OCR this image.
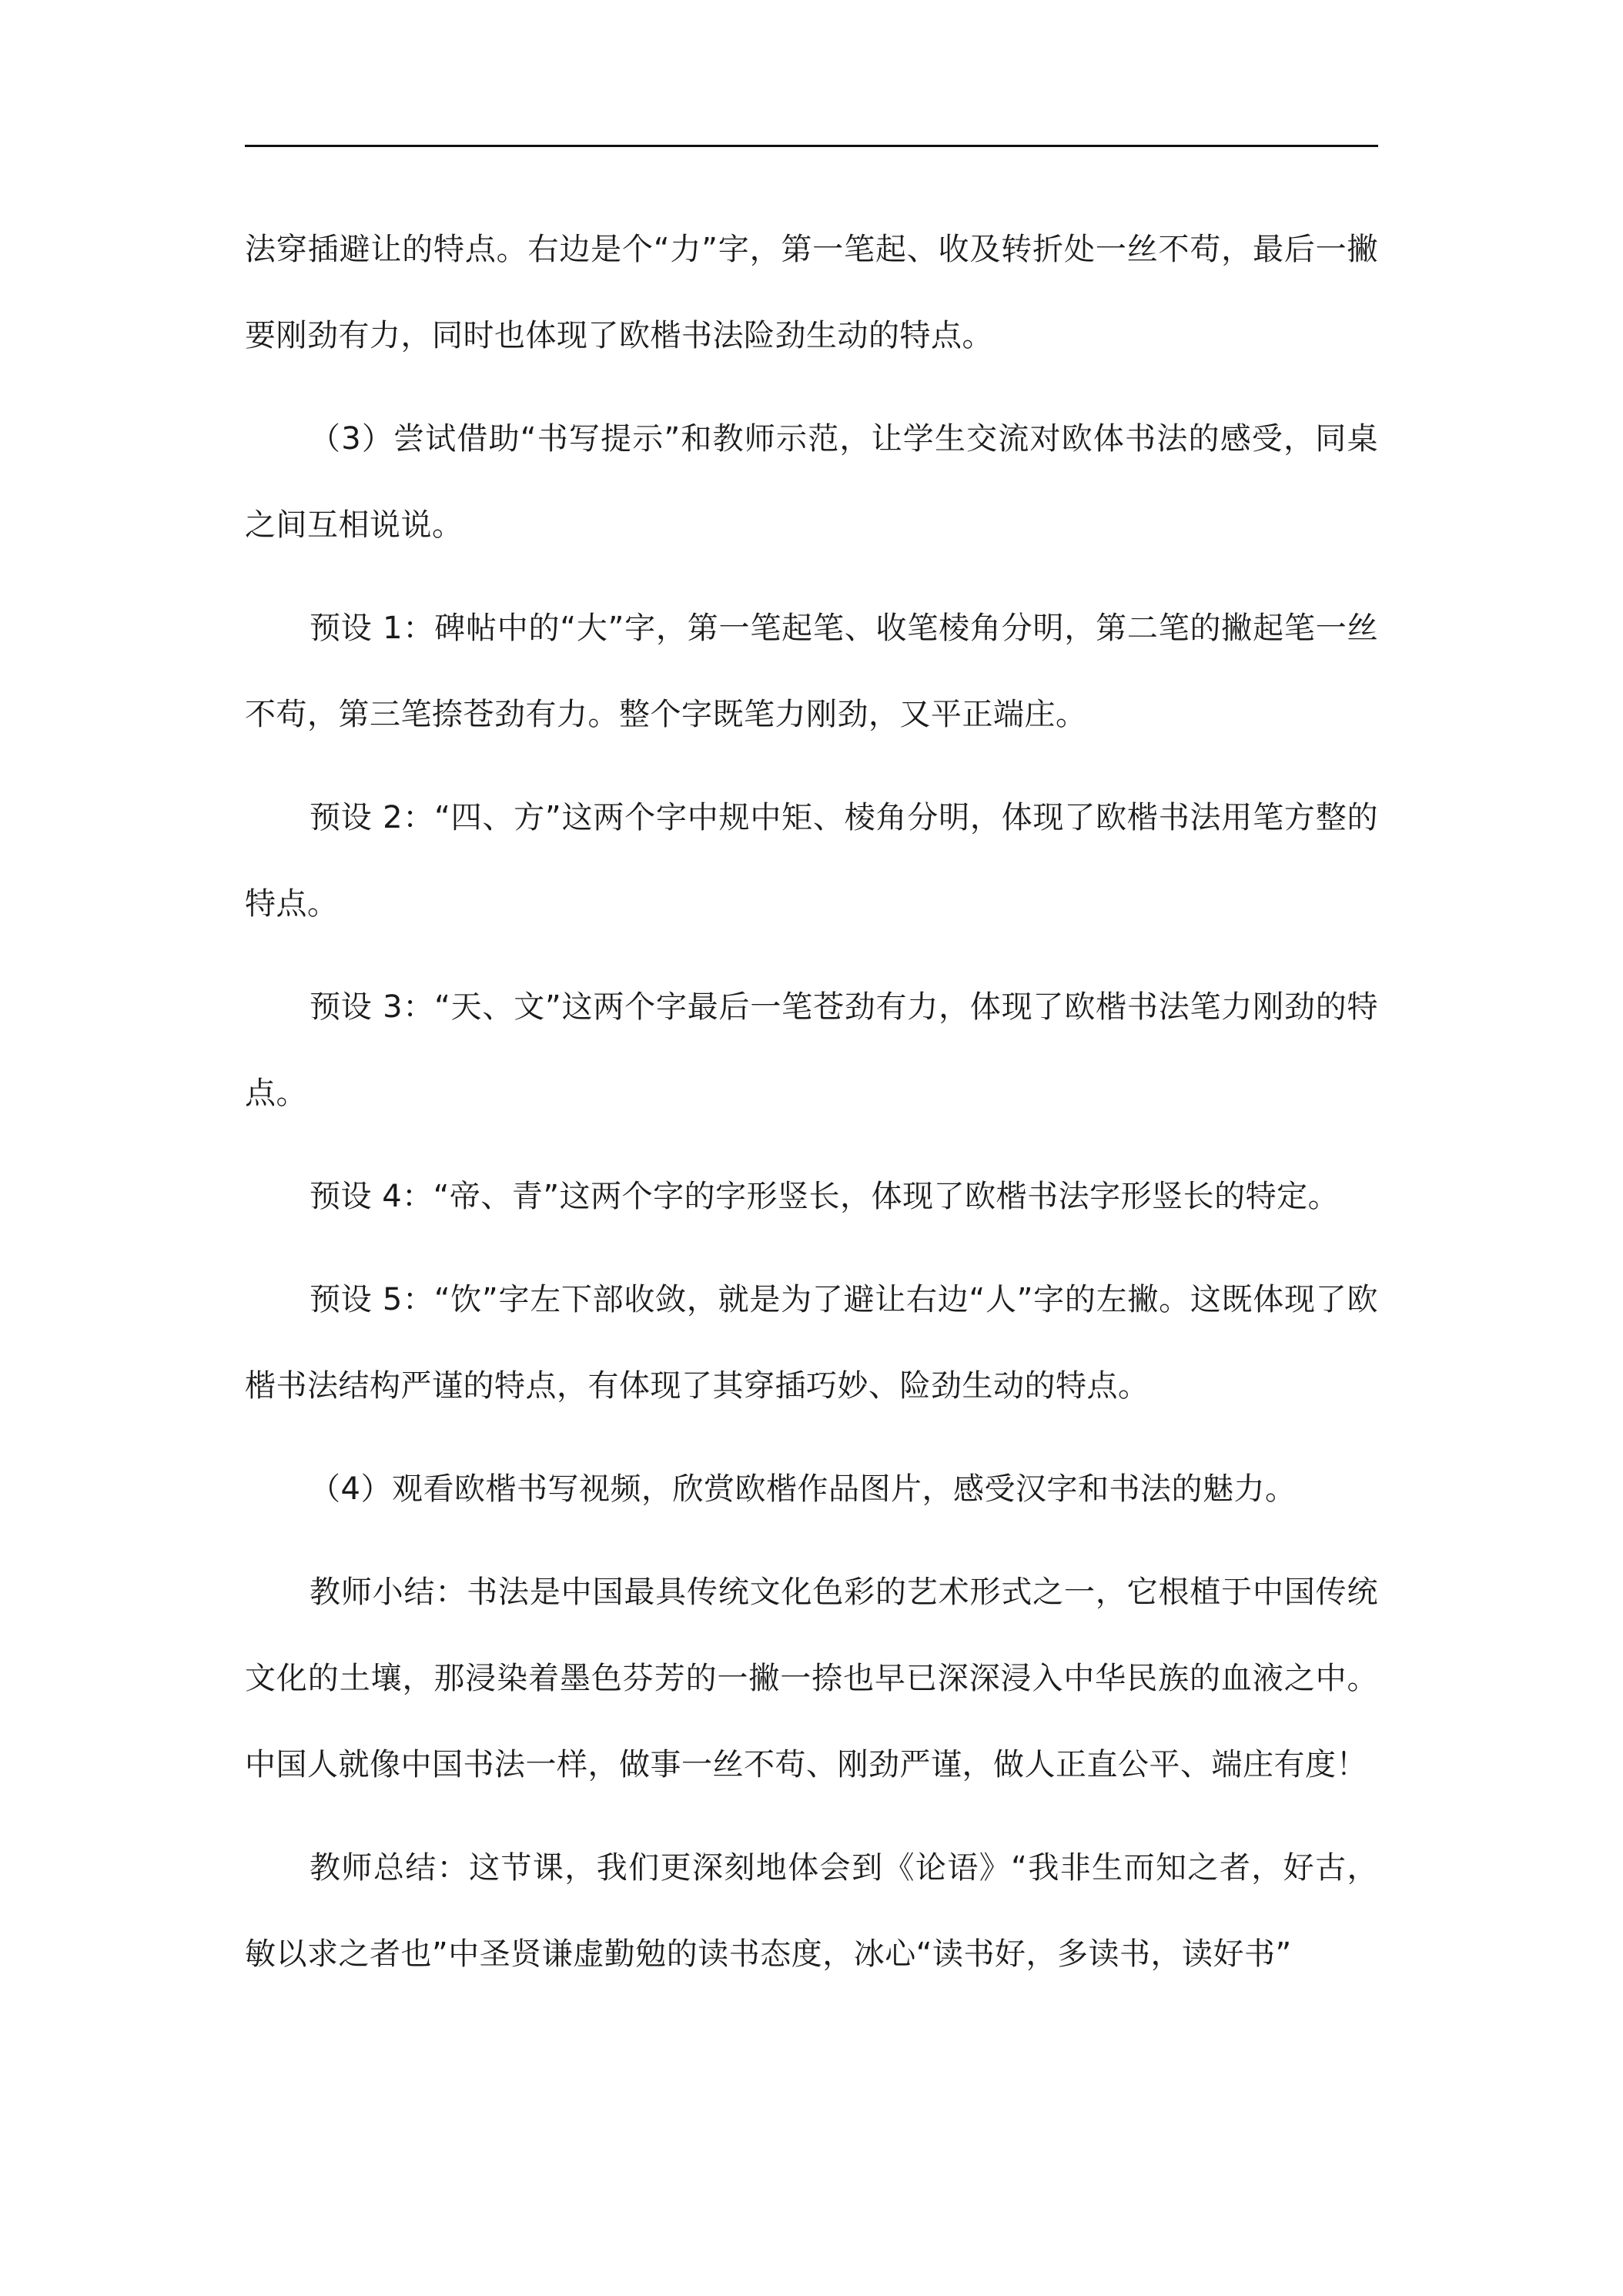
法穿插避让的特点。右边是个“力”字，第一笔起、收及转折处一丝不苟，最后一撇要刚劲有力，同时也体现了欧楷书法险劲生动的特点。

（3）尝试借助“书写提示”和教师示范，让学生交流对欧体书法的感受，同桌之间互相说说。

预设 1：碑帖中的“大”字，第一笔起笔、收笔棱角分明，第二笔的撇起笔一丝不苟，第三笔捺苍劲有力。整个字既笔力刚劲，又平正端庄。

预设 2：“四、方”这两个字中规中矩、棱角分明，体现了欧楷书法用笔方整的特点。

预设 3：“天、文”这两个字最后一笔苍劲有力，体现了欧楷书法笔力刚劲的特点。

预设 4：“帝、青”这两个字的字形竖长，体现了欧楷书法字形竖长的特定。

预设 5：“饮”字左下部收敛，就是为了避让右边“人”字的左撇。这既体现了欧楷书法结构严谨的特点，有体现了其穿插巧妙、险劲生动的特点。

（4）观看欧楷书写视频，欣赏欧楷作品图片，感受汉字和书法的魅力。

教师小结：书法是中国最具传统文化色彩的艺术形式之一，它根植于中国传统文化的土壤，那浸染着墨色芬芳的一撇一捺也早已深深浸入中华民族的血液之中。中国人就像中国书法一样，做事一丝不苟、刚劲严谨，做人正直公平、端庄有度！

教师总结：这节课，我们更深刻地体会到《论语》“我非生而知之者，好古，敏以求之者也”中圣贤谦虚勤勉的读书态度，冰心“读书好，多读书，读好书”
